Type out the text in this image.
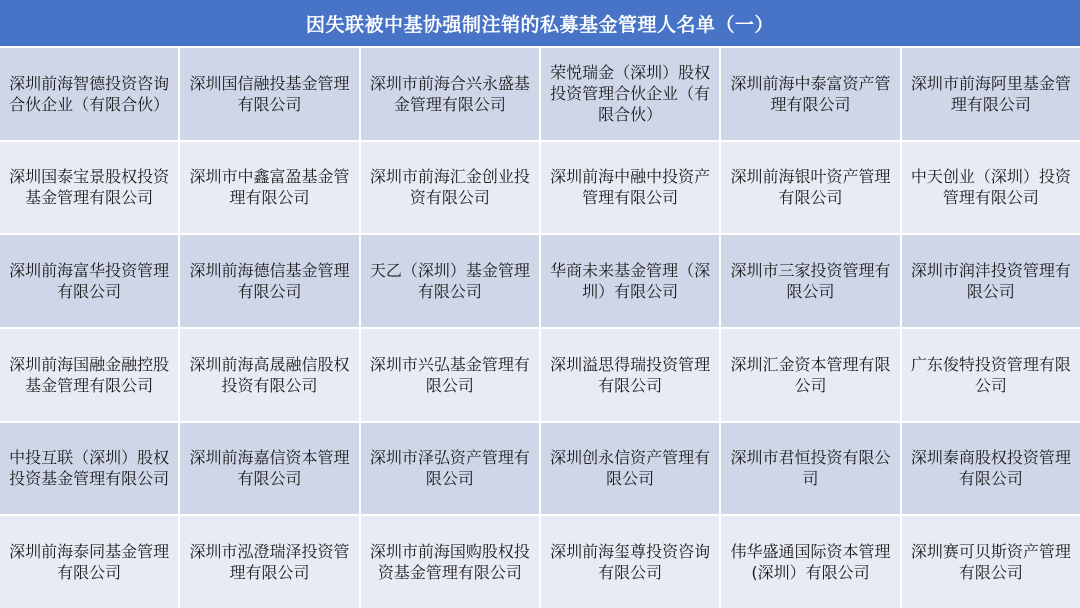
因失联被中基协强制注销的私募基金管理人名单（一）
深圳前海智德投资咨询合伙企业（有限合伙）
深圳国信融投基金管理有限公司
深圳市前海合兴永盛基金管理有限公司
荣悦瑞金（深圳）股权投资管理合伙企业（有限合伙）
深圳前海中泰富资产管理有限公司
深圳市前海阿里基金管理有限公司
深圳国泰宝景股权投资基金管理有限公司
深圳市中鑫富盈基金管理有限公司
深圳市前海汇金创业投资有限公司
深圳前海中融中投资产管理有限公司
深圳前海银叶资产管理有限公司
中天创业（深圳）投资管理有限公司
深圳前海富华投资管理有限公司
深圳前海德信基金管理有限公司
天乙（深圳）基金管理有限公司
华商未来基金管理（深圳）有限公司
深圳市三家投资管理有限公司
深圳市润沣投资管理有限公司
深圳前海国融金融控股基金管理有限公司
深圳前海高晟融信股权投资有限公司
深圳市兴弘基金管理有限公司
深圳溢思得瑞投资管理有限公司
深圳汇金资本管理有限公司
广东俊特投资管理有限公司
中投互联（深圳）股权投资基金管理有限公司
深圳前海嘉信资本管理有限公司
深圳市泽弘资产管理有限公司
深圳创永信资产管理有限公司
深圳市君恒投资有限公司
深圳秦商股权投资管理有限公司
深圳前海泰同基金管理有限公司
深圳市泓澄瑞泽投资管理有限公司
深圳市前海国购股权投资基金管理有限公司
深圳前海玺尊投资咨询有限公司
伟华盛通国际资本管理(深圳）有限公司
深圳赛可贝斯资产管理有限公司
